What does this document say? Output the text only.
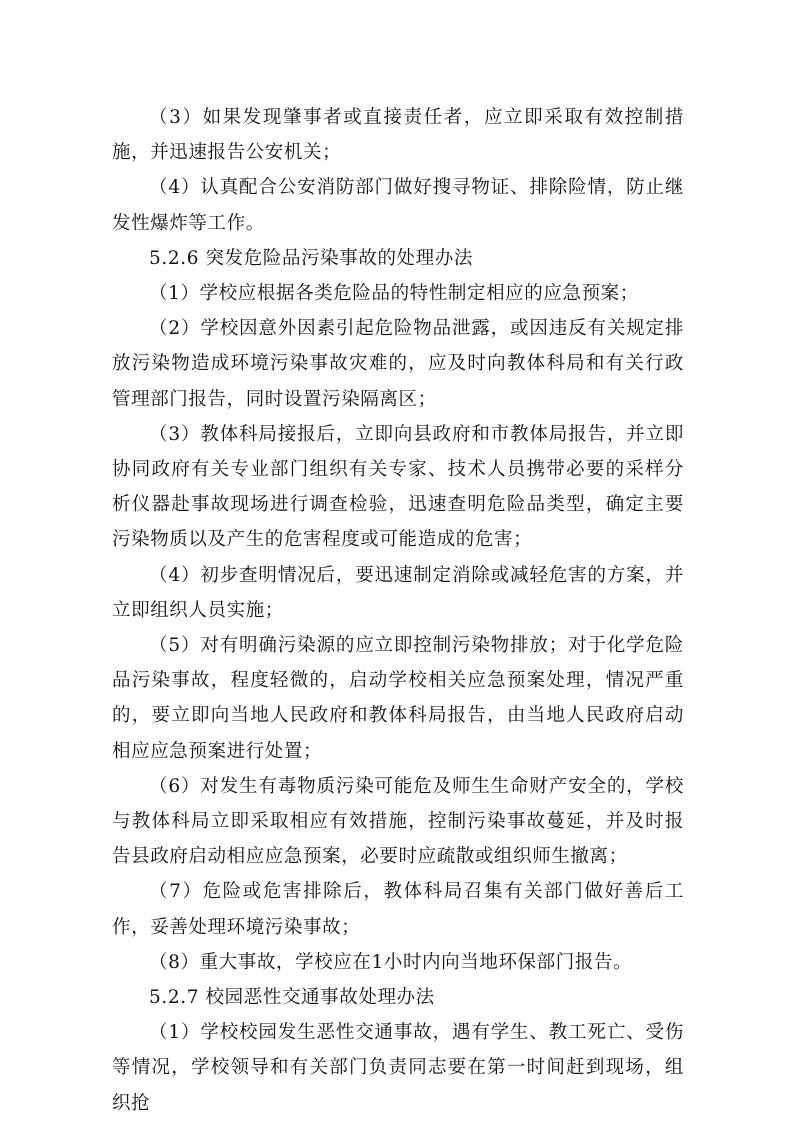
（3）如果发现肇事者或直接责任者，应立即采取有效控制措施，并迅速报告公安机关；

（4）认真配合公安消防部门做好搜寻物证、排除险情，防止继发性爆炸等工作。

5.2.6 突发危险品污染事故的处理办法

（1）学校应根据各类危险品的特性制定相应的应急预案；

（2）学校因意外因素引起危险物品泄露，或因违反有关规定排放污染物造成环境污染事故灾难的，应及时向教体科局和有关行政管理部门报告，同时设置污染隔离区；

（3）教体科局接报后，立即向县政府和市教体局报告，并立即协同政府有关专业部门组织有关专家、技术人员携带必要的采样分析仪器赴事故现场进行调查检验，迅速查明危险品类型，确定主要污染物质以及产生的危害程度或可能造成的危害；

（4）初步查明情况后，要迅速制定消除或减轻危害的方案，并立即组织人员实施；

（5）对有明确污染源的应立即控制污染物排放；对于化学危险品污染事故，程度轻微的，启动学校相关应急预案处理，情况严重的，要立即向当地人民政府和教体科局报告，由当地人民政府启动相应应急预案进行处置；

（6）对发生有毒物质污染可能危及师生生命财产安全的，学校与教体科局立即采取相应有效措施，控制污染事故蔓延，并及时报告县政府启动相应应急预案，必要时应疏散或组织师生撤离；

（7）危险或危害排除后，教体科局召集有关部门做好善后工作，妥善处理环境污染事故；

（8）重大事故，学校应在1小时内向当地环保部门报告。

5.2.7 校园恶性交通事故处理办法

（1）学校校园发生恶性交通事故，遇有学生、教工死亡、受伤等情况，学校领导和有关部门负责同志要在第一时间赶到现场，组织抢
